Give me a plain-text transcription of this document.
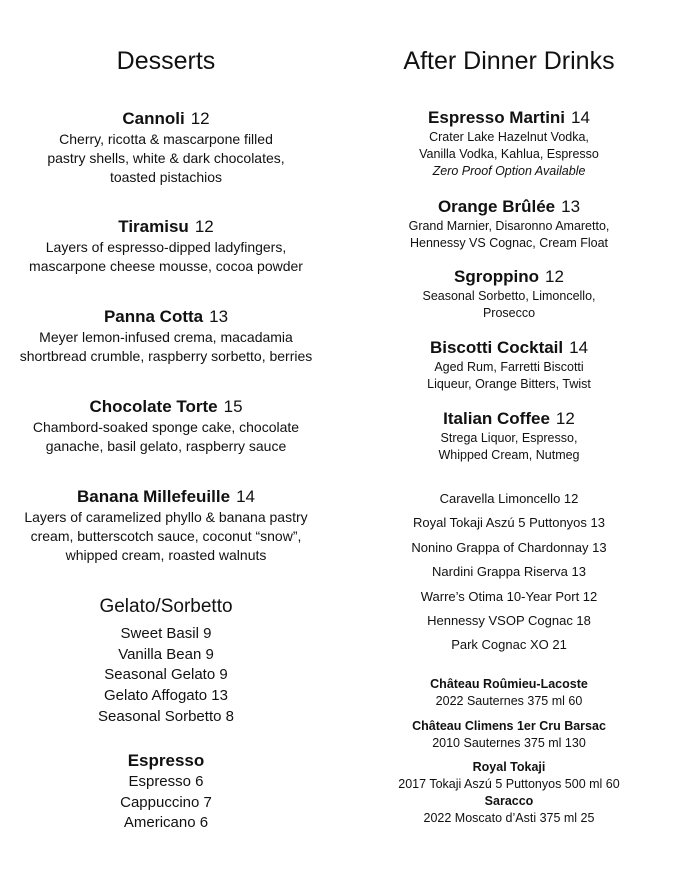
Desserts
Cannoli 12
Cherry, ricotta & mascarpone filled
pastry shells, white & dark chocolates,
toasted pistachios
Tiramisu 12
Layers of espresso-dipped ladyfingers,
mascarpone cheese mousse, cocoa powder
Panna Cotta 13
Meyer lemon-infused crema, macadamia
shortbread crumble, raspberry sorbetto, berries
Chocolate Torte 15
Chambord-soaked sponge cake, chocolate
ganache, basil gelato, raspberry sauce
Banana Millefeuille 14
Layers of caramelized phyllo & banana pastry
cream, butterscotch sauce, coconut “snow”,
whipped cream, roasted walnuts
Gelato/Sorbetto
Sweet Basil 9
Vanilla Bean 9
Seasonal Gelato 9
Gelato Affogato 13
Seasonal Sorbetto 8
Espresso
Espresso 6
Cappuccino 7
Americano 6
After Dinner Drinks
Espresso Martini 14
Crater Lake Hazelnut Vodka,
Vanilla Vodka, Kahlua, Espresso
Zero Proof Option Available
Orange Brûlée 13
Grand Marnier, Disaronno Amaretto,
Hennessy VS Cognac, Cream Float
Sgroppino 12
Seasonal Sorbetto, Limoncello,
Prosecco
Biscotti Cocktail 14
Aged Rum, Farretti Biscotti
Liqueur, Orange Bitters, Twist
Italian Coffee 12
Strega Liquor, Espresso,
Whipped Cream, Nutmeg
Caravella Limoncello 12
Royal Tokaji Aszú 5 Puttonyos 13
Nonino Grappa of Chardonnay 13
Nardini Grappa Riserva 13
Warre’s Otima 10-Year Port 12
Hennessy VSOP Cognac 18
Park Cognac XO 21
Château Roûmieu-Lacoste
2022 Sauternes 375 ml 60
Château Climens 1er Cru Barsac
2010 Sauternes 375 ml 130
Royal Tokaji
2017 Tokaji Aszú 5 Puttonyos 500 ml 60
Saracco
2022 Moscato d’Asti 375 ml 25
